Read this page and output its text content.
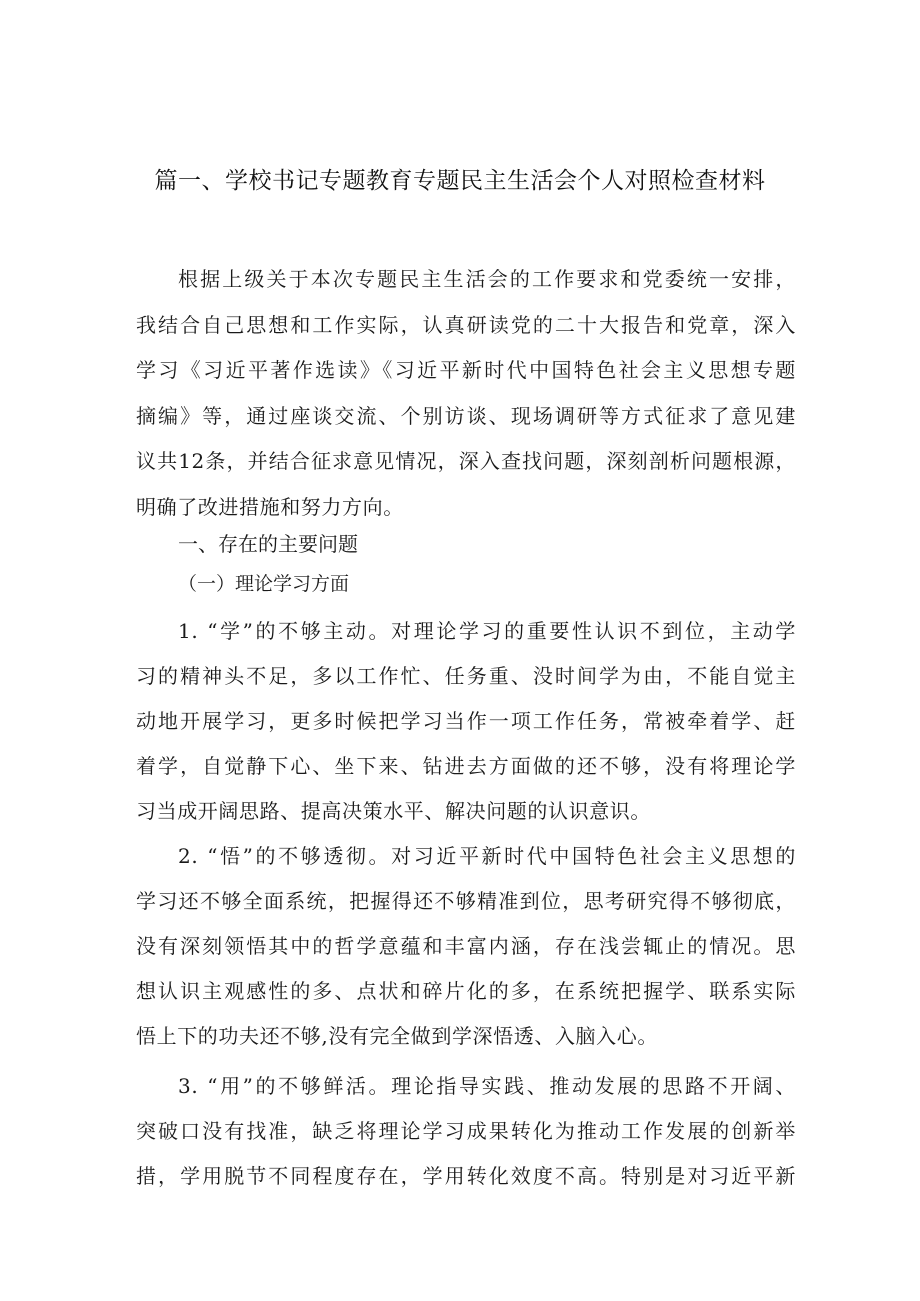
篇一、学校书记专题教育专题民主生活会个人对照检查材料
根据上级关于本次专题民主生活会的工作要求和党委统一安排，
我结合自己思想和工作实际，认真研读党的二十大报告和党章，深入
学习《习近平著作选读》《习近平新时代中国特色社会主义思想专题
摘编》等，通过座谈交流、个别访谈、现场调研等方式征求了意见建
议共12条，并结合征求意见情况，深入查找问题，深刻剖析问题根源，
明确了改进措施和努力方向。
一、存在的主要问题
（一）理论学习方面
1. “学”的不够主动。对理论学习的重要性认识不到位，主动学
习的精神头不足，多以工作忙、任务重、没时间学为由，不能自觉主
动地开展学习，更多时候把学习当作一项工作任务，常被牵着学、赶
着学，自觉静下心、坐下来、钻进去方面做的还不够，没有将理论学
习当成开阔思路、提高决策水平、解决问题的认识意识。
2. “悟”的不够透彻。对习近平新时代中国特色社会主义思想的
学习还不够全面系统，把握得还不够精准到位，思考研究得不够彻底，
没有深刻领悟其中的哲学意蕴和丰富内涵，存在浅尝辄止的情况。思
想认识主观感性的多、点状和碎片化的多，在系统把握学、联系实际
悟上下的功夫还不够,没有完全做到学深悟透、入脑入心。
3. “用”的不够鲜活。理论指导实践、推动发展的思路不开阔、
突破口没有找准，缺乏将理论学习成果转化为推动工作发展的创新举
措，学用脱节不同程度存在，学用转化效度不高。特别是对习近平新
